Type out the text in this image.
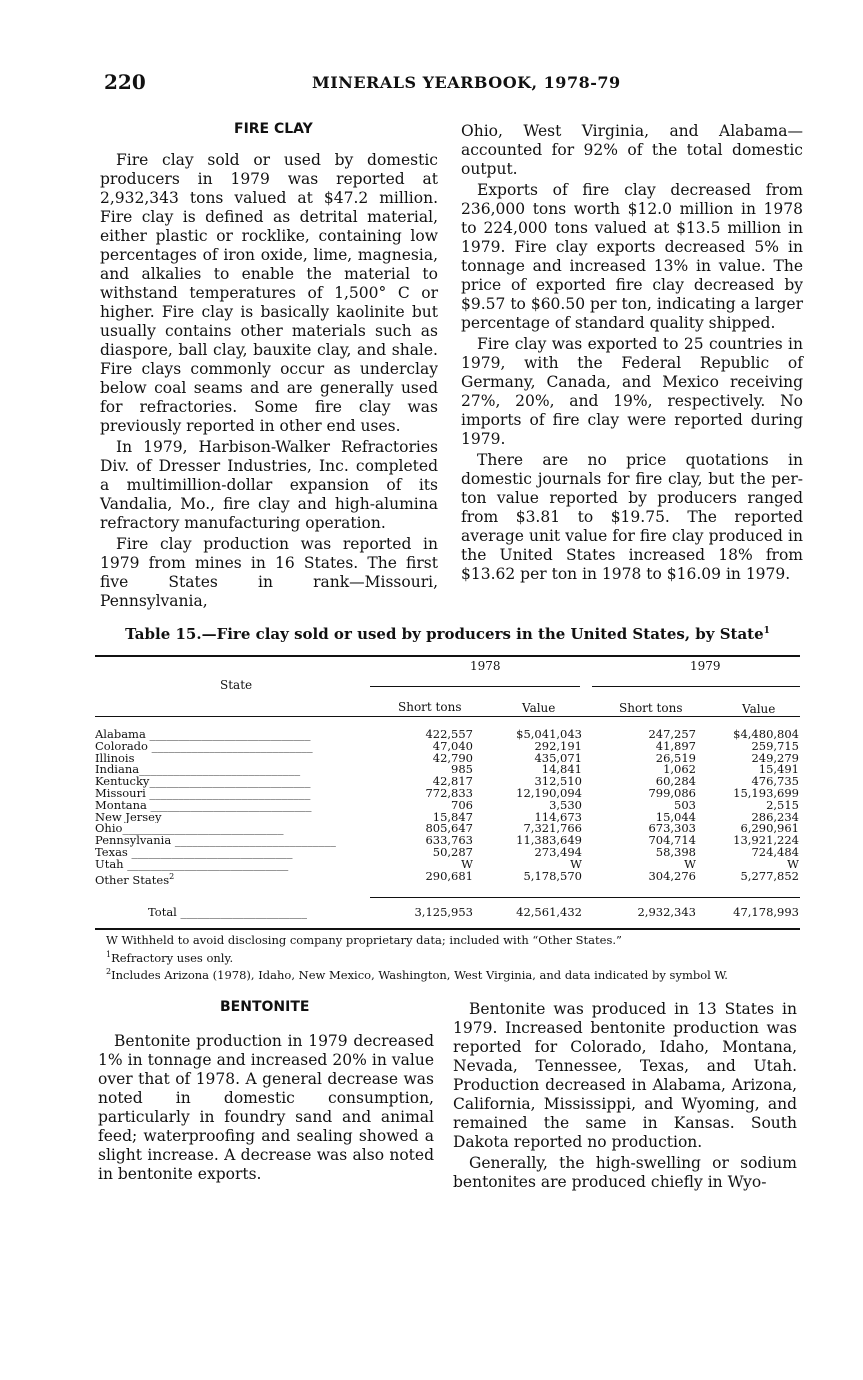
220	MINERALS YEARBOOK, 1978-79
FIRE CLAY

Fire clay sold or used by domestic producers in 1979 was reported at 2,932,343 tons valued at $47.2 million. Fire clay is defined as detrital material, either plastic or rocklike, containing low percentages of iron oxide, lime, magnesia, and alkalies to enable the material to withstand temperatures of 1,500° C or higher. Fire clay is basically kaolinite but usually contains other materials such as diaspore, ball clay, bauxite clay, and shale. Fire clays commonly occur as underclay below coal seams and are generally used for refractories. Some fire clay was previously reported in other end uses.

In 1979, Harbison-Walker Refractories Div. of Dresser Industries, Inc. completed a multimillion-dollar expansion of its Vandalia, Mo., fire clay and high-alumina refractory manufacturing operation.

Fire clay production was reported in 1979 from mines in 16 States. The first five States in rank—Missouri, Pennsylvania,

Ohio, West Virginia, and Alabama—accounted for 92% of the total domestic output.

Exports of fire clay decreased from 236,000 tons worth $12.0 million in 1978 to 224,000 tons valued at $13.5 million in 1979. Fire clay exports decreased 5% in tonnage and increased 13% in value. The price of exported fire clay decreased by $9.57 to $60.50 per ton, indicating a larger percentage of standard quality shipped.

Fire clay was exported to 25 countries in 1979, with the Federal Republic of Germany, Canada, and Mexico receiving 27%, 20%, and 19%, respectively. No imports of fire clay were reported during 1979.

There are no price quotations in domestic journals for fire clay, but the per-ton value reported by producers ranged from $3.81 to $19.75. The reported average unit value for fire clay produced in the United States increased 18% from $13.62 per ton in 1978 to $16.09 in 1979.

Table 15.—Fire clay sold or used by producers in the United States, by State$^1$
State
1978	1979
Short tons	Value	Short tons	Value
Alabama ____________________________	422,557	$5,041,043	247,257	$4,480,804
Colorado ____________________________	47,040	292,191	41,897	259,715
Illinois ____________________________	42,790	435,071	26,519	249,279
Indiana____________________________	985	14,841	1,062	15,491
Kentucky____________________________	42,817	312,510	60,284	476,735
Missouri ____________________________	772,833	12,190,094	799,086	15,193,699
Montana ____________________________	706	3,530	503	2,515
New Jersey ____________________________	15,847	114,673	15,044	286,234
Ohio____________________________	805,647	7,321,766	673,303	6,290,961
Pennsylvania ____________________________	633,763	11,383,649	704,714	13,921,224
Texas ____________________________	50,287	273,494	58,398	724,484
Utah ____________________________	W	W	W	W
Other States$^2$ ____________________________	290,681	5,178,570	304,276	5,277,852
Total ______________________	3,125,953	42,561,432	2,932,343	47,178,993
W Withheld to avoid disclosing company proprietary data; included with “Other States.”
$^1$Refractory uses only.
$^2$Includes Arizona (1978), Idaho, New Mexico, Washington, West Virginia, and data indicated by symbol W.
BENTONITE

Bentonite production in 1979 decreased 1% in tonnage and increased 20% in value over that of 1978. A general decrease was noted in domestic consumption, particularly in foundry sand and animal feed; waterproofing and sealing showed a slight increase. A decrease was also noted in bentonite exports.

Bentonite was produced in 13 States in 1979. Increased bentonite production was reported for Colorado, Idaho, Montana, Nevada, Tennessee, Texas, and Utah. Production decreased in Alabama, Arizona, California, Mississippi, and Wyoming, and remained the same in Kansas. South Dakota reported no production.

Generally, the high-swelling or sodium bentonites are produced chiefly in Wyo-
